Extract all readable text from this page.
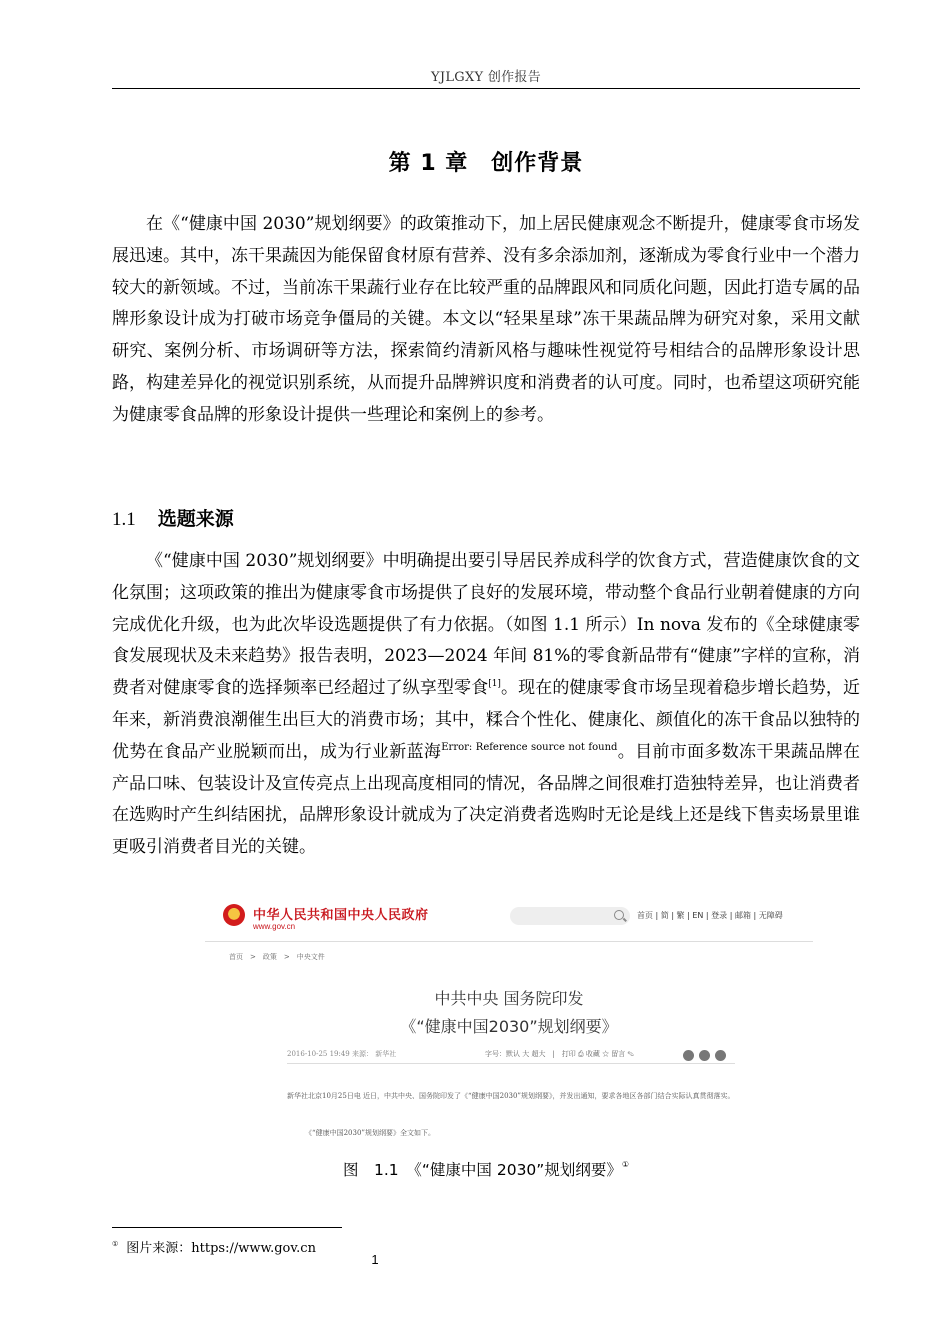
YJLGXY 创作报告
第 1 章　创作背景

在《“健康中国 2030”规划纲要》的政策推动下，加上居民健康观念不断提升，健康零食市场发展迅速。其中，冻干果蔬因为能保留食材原有营养、没有多余添加剂，逐渐成为零食行业中一个潜力较大的新领域。不过，当前冻干果蔬行业存在比较严重的品牌跟风和同质化问题，因此打造专属的品牌形象设计成为打破市场竞争僵局的关键。本文以“轻果星球”冻干果蔬品牌为研究对象，采用文献研究、案例分析、市场调研等方法，探索简约清新风格与趣味性视觉符号相结合的品牌形象设计思路，构建差异化的视觉识别系统，从而提升品牌辨识度和消费者的认可度。同时，也希望这项研究能为健康零食品牌的形象设计提供一些理论和案例上的参考。

1.1 选题来源

《“健康中国 2030”规划纲要》中明确提出要引导居民养成科学的饮食方式，营造健康饮食的文化氛围；这项政策的推出为健康零食市场提供了良好的发展环境，带动整个食品行业朝着健康的方向完成优化升级，也为此次毕设选题提供了有力依据。（如图 1.1 所示）In nova 发布的《全球健康零食发展现状及未来趋势》报告表明，2023—2024 年间 81%的零食新品带有“健康”字样的宣称，消费者对健康零食的选择频率已经超过了纵享型零食[1]。现在的健康零食市场呈现着稳步增长趋势，近年来，新消费浪潮催生出巨大的消费市场；其中，糅合个性化、健康化、颜值化的冻干食品以独特的优势在食品产业脱颖而出，成为行业新蓝海$^{Error: Reference source not found}$。目前市面多数冻干果蔬品牌在产品口味、包装设计及宣传亮点上出现高度相同的情况，各品牌之间很难打造独特差异，也让消费者在选购时产生纠结困扰，品牌形象设计就成为了决定消费者选购时无论是线上还是线下售卖场景里谁更吸引消费者目光的关键。

中华人民共和国中央人民政府
www.gov.cn
首页 | 简 | 繁 | EN | 登录 | 邮箱 | 无障碍
首页　>　政策　>　中央文件
中共中央 国务院印发
《“健康中国2030”规划纲要》
2016-10-25 19:49 来源： 新华社	字号：默认 大 超大　|　打印 ⎙ 收藏 ☆ 留言 ✎
新华社北京10月25日电 近日，中共中央、国务院印发了《“健康中国2030”规划纲要》，并发出通知，要求各地区各部门结合实际认真贯彻落实。
《“健康中国2030”规划纲要》全文如下。
图　1.1　《“健康中国 2030”规划纲要》①
① 图片来源：https://www.gov.cn
1
